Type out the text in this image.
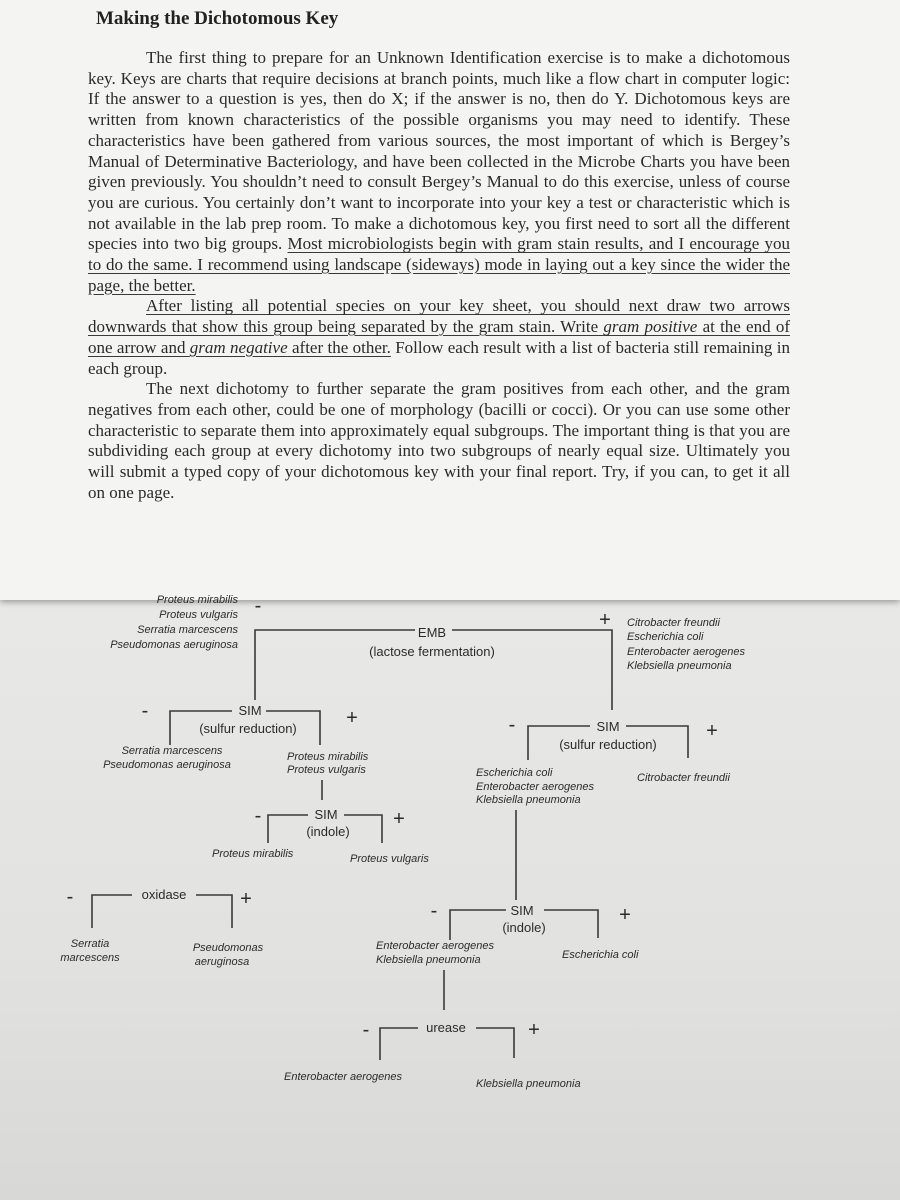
Making the Dichotomous Key

The first thing to prepare for an Unknown Identification exercise is to make a dichotomous key. Keys are charts that require decisions at branch points, much like a flow chart in computer logic: If the answer to a question is yes, then do X; if the answer is no, then do Y. Dichotomous keys are written from known characteristics of the possible organisms you may need to identify. These characteristics have been gathered from various sources, the most important of which is Bergey’s Manual of Determinative Bacteriology, and have been collected in the Microbe Charts you have been given previously. You shouldn’t need to consult Bergey’s Manual to do this exercise, unless of course you are curious. You certainly don’t want to incorporate into your key a test or characteristic which is not available in the lab prep room. To make a dichotomous key, you first need to sort all the different species into two big groups. Most microbiologists begin with gram stain results, and I encourage you to do the same. I recommend using landscape (sideways) mode in laying out a key since the wider the page, the better.

After listing all potential species on your key sheet, you should next draw two arrows downwards that show this group being separated by the gram stain. Write gram positive at the end of one arrow and gram negative after the other. Follow each result with a list of bacteria still remaining in each group.

The next dichotomy to further separate the gram positives from each other, and the gram negatives from each other, could be one of morphology (bacilli or cocci). Or you can use some other characteristic to separate them into approximately equal subgroups. The important thing is that you are subdividing each group at every dichotomy into two subgroups of nearly equal size. Ultimately you will submit a typed copy of your dichotomous key with your final report. Try, if you can, to get it all on one page.

Proteus mirabilis
Proteus vulgaris
Serratia marcescens
Pseudomonas aeruginosa
-
EMB
(lactose fermentation)
+ Citrobacter freundii
Escherichia coli
Enterobacter aerogenes
Klebsiella pneumonia
-	SIM
(sulfur reduction) +
Serratia marcescens
Pseudomonas aeruginosa
Proteus mirabilis
Proteus vulgaris
-	SIM
(sulfur reduction)
+
Escherichia coli
Enterobacter aerogenes
Klebsiella pneumonia
Citrobacter freundii
-	SIM
(indole)
+
Proteus mirabilis	Proteus vulgaris
-	oxidase	+
Serratia
marcescens
Pseudomonas
aeruginosa
-	SIM
(indole)
+
Enterobacter aerogenes
Klebsiella pneumonia	Escherichia coli
-	urease	+
Enterobacter aerogenes
Klebsiella pneumonia
